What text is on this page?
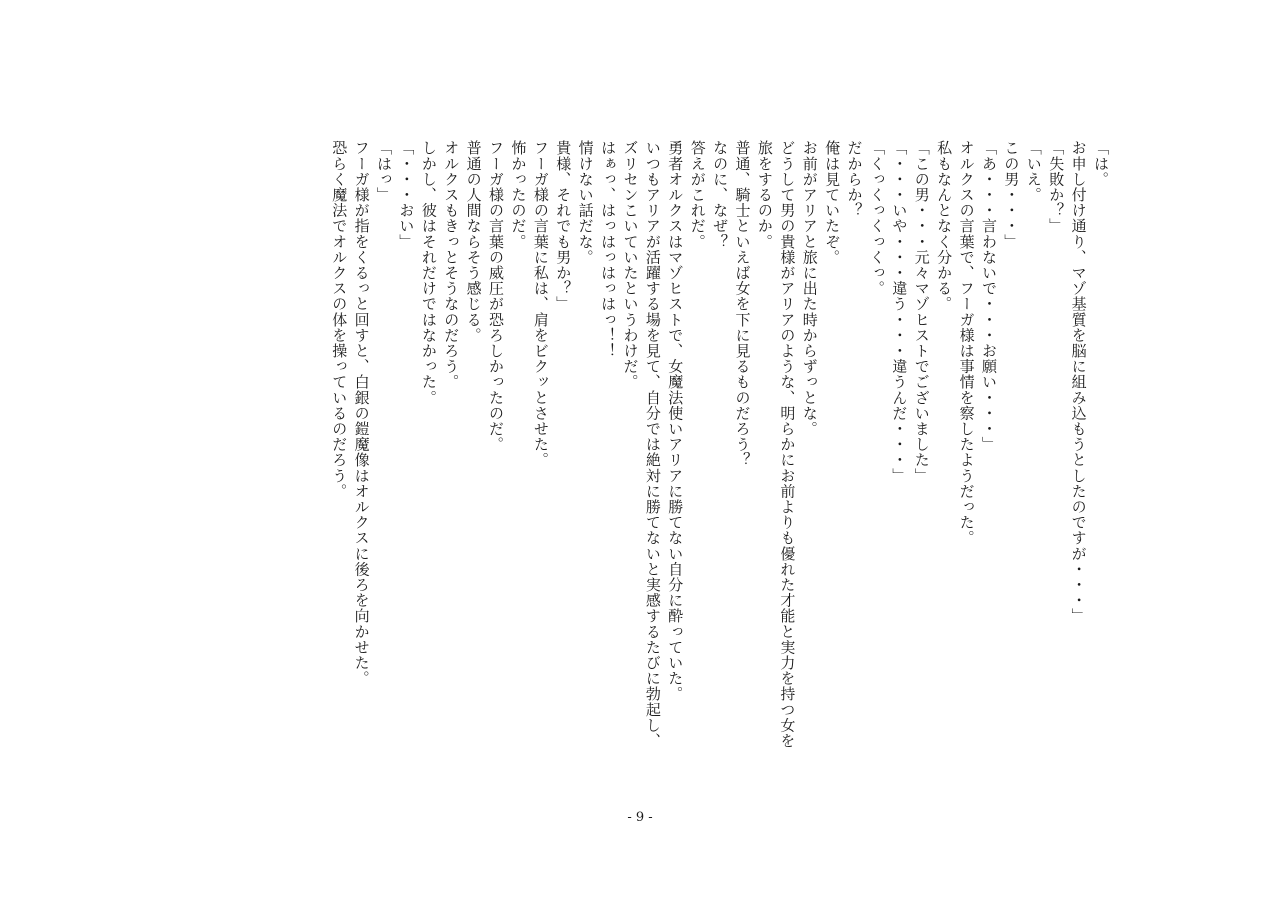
「は。
お申し付け通り、マゾ基質を脳に組み込もうとしたのですが・・・」
「失敗か？」
「いえ。
この男・・・」
「あ・・・言わないで・・・お願い・・・」
オルクスの言葉で、フーガ様は事情を察したようだった。
私もなんとなく分かる。
「この男・・・元々マゾヒストでございました」
「・・・いや・・・違う・・・違うんだ・・・」
「くっくっくっくっ。
だからか？
俺は見ていたぞ。
お前がアリアと旅に出た時からずっとな。
どうして男の貴様がアリアのような、明らかにお前よりも優れた才能と実力を持つ女を
旅をするのか。
普通、騎士といえば女を下に見るものだろう？
なのに、なぜ？
答えがこれだ。
勇者オルクスはマゾヒストで、女魔法使いアリアに勝てない自分に酔っていた。
いつもアリアが活躍する場を見て、自分では絶対に勝てないと実感するたびに勃起し、
ズリセンこいていたというわけだ。
はぁっ、はっはっはっはっ！！
情けない話だな。
貴様、それでも男か？」
フーガ様の言葉に私は、肩をビクッとさせた。
怖かったのだ。
フーガ様の言葉の威圧が恐ろしかったのだ。
普通の人間ならそう感じる。
オルクスもきっとそうなのだろう。
しかし、彼はそれだけではなかった。
「・・・おい」
「はっ」
フーガ様が指をくるっと回すと、白銀の鎧魔像はオルクスに後ろを向かせた。
恐らく魔法でオルクスの体を操っているのだろう。
- 9 -
